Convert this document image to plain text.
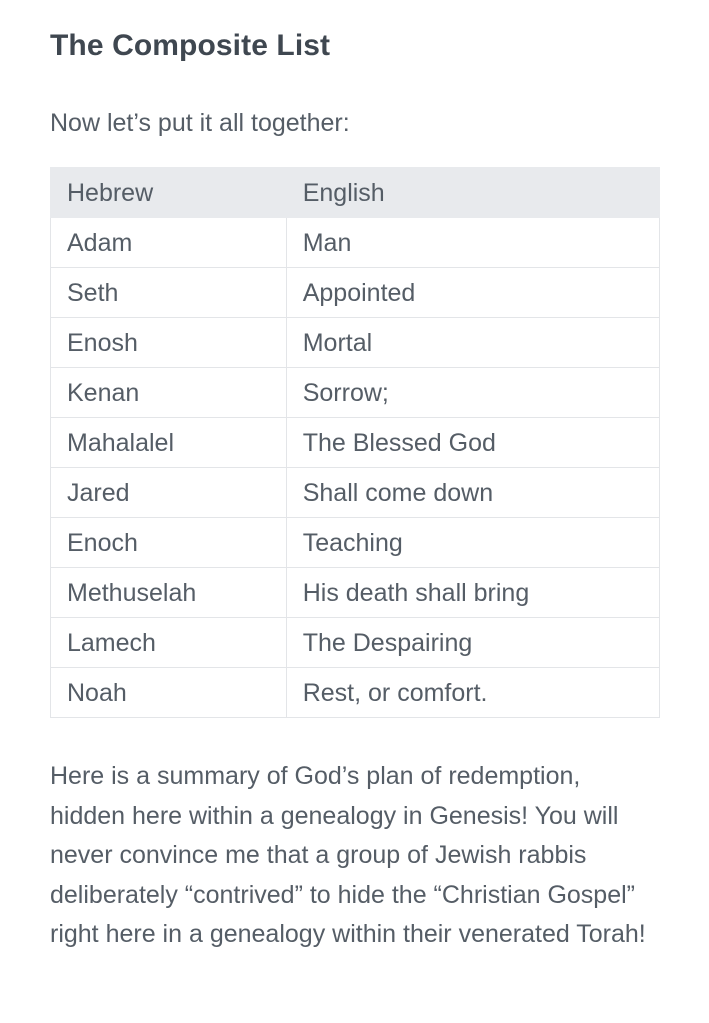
The Composite List

Now let’s put it all together:

Hebrew	English
Adam	Man
Seth	Appointed
Enosh	Mortal
Kenan	Sorrow;
Mahalalel	The Blessed God
Jared	Shall come down
Enoch	Teaching
Methuselah	His death shall bring
Lamech	The Despairing
Noah	Rest, or comfort.

Here is a summary of God’s plan of redemption, hidden here within a genealogy in Genesis! You will never convince me that a group of Jewish rabbis deliberately “contrived” to hide the “Christian Gospel” right here in a genealogy within their venerated Torah!
